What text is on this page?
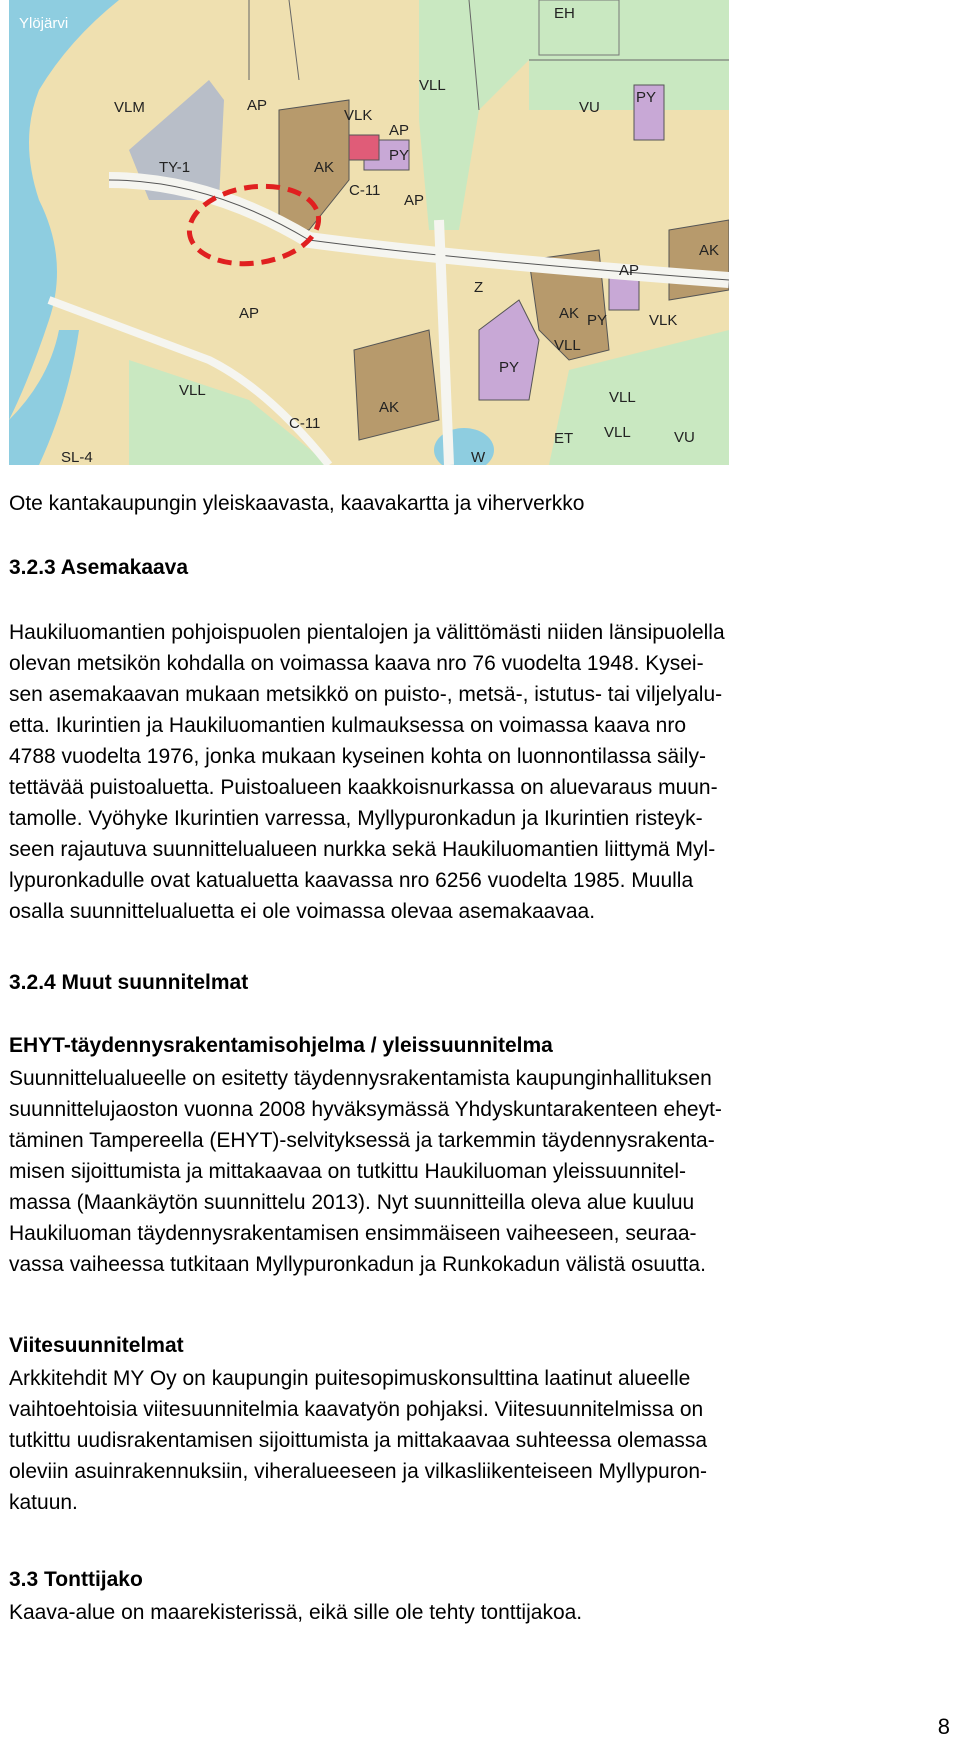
Ylöjärvi
EH
VLM	AP
VLK
VLL
VU
PY
AP
PY
TY-1	AK
C-11
AP
AP
AK
Z
AP	AK
PY
VLK
PY
VLL
AK
VLL
C-11
VLL
ET VLL	VU
W
SL-4
Ote kantakaupungin yleiskaavasta, kaavakartta ja viherverkko
3.2.3 Asemakaava
Haukiluomantien pohjoispuolen pientalojen ja välittömästi niiden länsipuolella
olevan metsikön kohdalla on voimassa kaava nro 76 vuodelta 1948. Kysei-
sen asemakaavan mukaan metsikkö on puisto-, metsä-, istutus- tai viljelyalu-
etta. Ikurintien ja Haukiluomantien kulmauksessa on voimassa kaava nro
4788 vuodelta 1976, jonka mukaan kyseinen kohta on luonnontilassa säily-
tettävää puistoaluetta. Puistoalueen kaakkoisnurkassa on aluevaraus muun-
tamolle. Vyöhyke Ikurintien varressa, Myllypuronkadun ja Ikurintien risteyk-
seen rajautuva suunnittelualueen nurkka sekä Haukiluomantien liittymä Myl-
lypuronkadulle ovat katualuetta kaavassa nro 6256 vuodelta 1985. Muulla
osalla suunnittelualuetta ei ole voimassa olevaa asemakaavaa.
3.2.4 Muut suunnitelmat
EHYT-täydennysrakentamisohjelma / yleissuunnitelma
Suunnittelualueelle on esitetty täydennysrakentamista kaupunginhallituksen
suunnittelujaoston vuonna 2008 hyväksymässä Yhdyskuntarakenteen eheyt-
täminen Tampereella (EHYT)-selvityksessä ja tarkemmin täydennysrakenta-
misen sijoittumista ja mittakaavaa on tutkittu Haukiluoman yleissuunnitel-
massa (Maankäytön suunnittelu 2013). Nyt suunnitteilla oleva alue kuuluu
Haukiluoman täydennysrakentamisen ensimmäiseen vaiheeseen, seuraa-
vassa vaiheessa tutkitaan Myllypuronkadun ja Runkokadun välistä osuutta.
Viitesuunnitelmat
Arkkitehdit MY Oy on kaupungin puitesopimuskonsulttina laatinut alueelle
vaihtoehtoisia viitesuunnitelmia kaavatyön pohjaksi. Viitesuunnitelmissa on
tutkittu uudisrakentamisen sijoittumista ja mittakaavaa suhteessa olemassa
oleviin asuinrakennuksiin, viheralueeseen ja vilkasliikenteiseen Myllypuron-
katuun.
3.3 Tonttijako
Kaava-alue on maarekisterissä, eikä sille ole tehty tonttijakoa.
8
